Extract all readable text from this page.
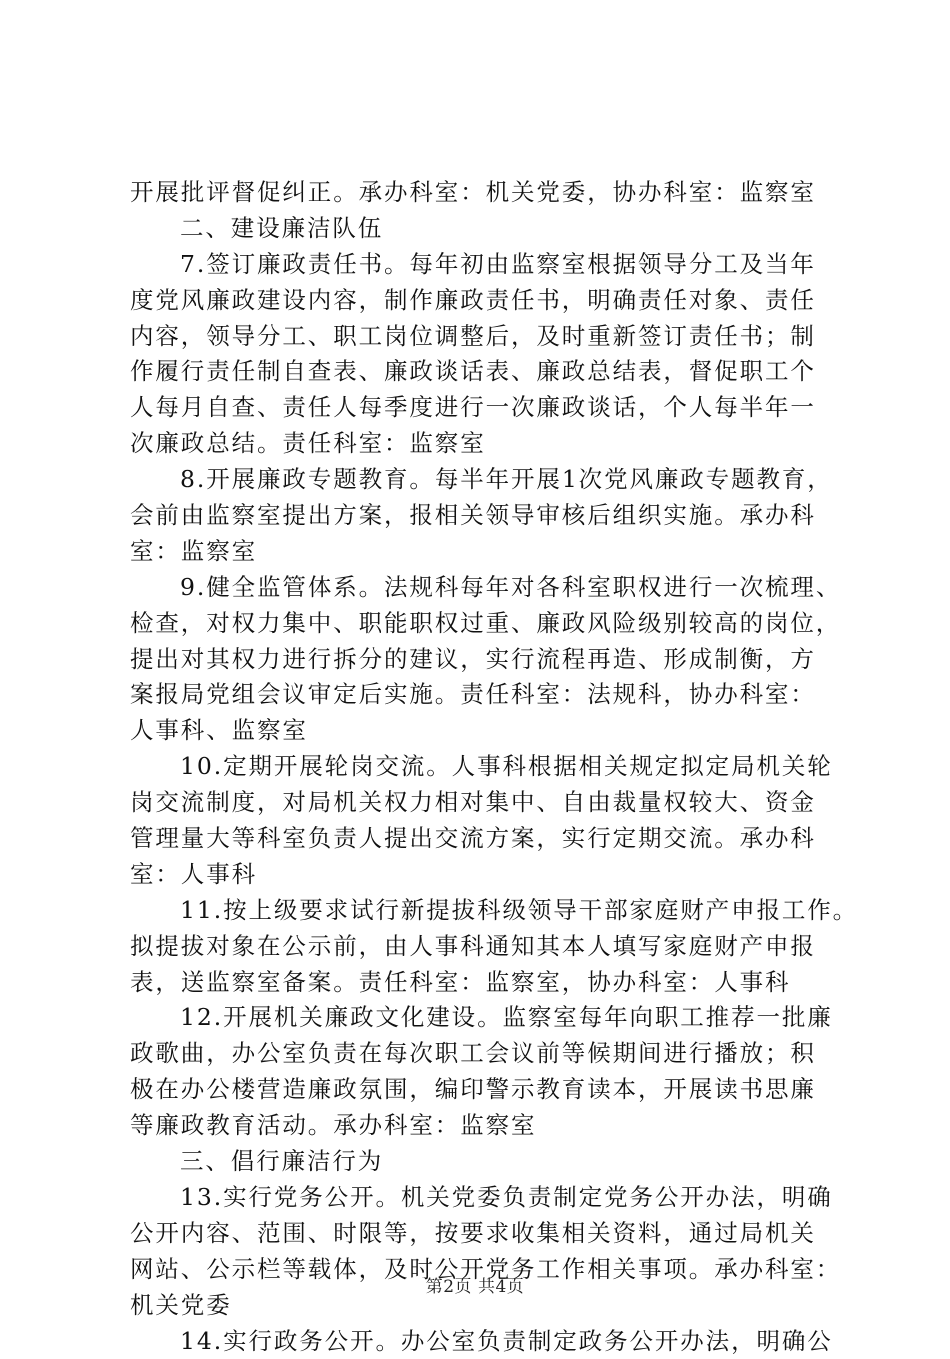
开展批评督促纠正。承办科室：机关党委，协办科室：监察室
二、建设廉洁队伍
7.签订廉政责任书。每年初由监察室根据领导分工及当年
度党风廉政建设内容，制作廉政责任书，明确责任对象、责任
内容，领导分工、职工岗位调整后，及时重新签订责任书；制
作履行责任制自查表、廉政谈话表、廉政总结表，督促职工个
人每月自查、责任人每季度进行一次廉政谈话，个人每半年一
次廉政总结。责任科室：监察室
8.开展廉政专题教育。每半年开展1次党风廉政专题教育，
会前由监察室提出方案，报相关领导审核后组织实施。承办科
室：监察室
9.健全监管体系。法规科每年对各科室职权进行一次梳理、
检查，对权力集中、职能职权过重、廉政风险级别较高的岗位，
提出对其权力进行拆分的建议，实行流程再造、形成制衡，方
案报局党组会议审定后实施。责任科室：法规科，协办科室：
人事科、监察室
10.定期开展轮岗交流。人事科根据相关规定拟定局机关轮
岗交流制度，对局机关权力相对集中、自由裁量权较大、资金
管理量大等科室负责人提出交流方案，实行定期交流。承办科
室：人事科
11.按上级要求试行新提拔科级领导干部家庭财产申报工作。
拟提拔对象在公示前，由人事科通知其本人填写家庭财产申报
表，送监察室备案。责任科室：监察室，协办科室：人事科
12.开展机关廉政文化建设。监察室每年向职工推荐一批廉
政歌曲，办公室负责在每次职工会议前等候期间进行播放；积
极在办公楼营造廉政氛围，编印警示教育读本，开展读书思廉
等廉政教育活动。承办科室：监察室
三、倡行廉洁行为
13.实行党务公开。机关党委负责制定党务公开办法，明确
公开内容、范围、时限等，按要求收集相关资料，通过局机关
网站、公示栏等载体，及时公开党务工作相关事项。承办科室：
机关党委
14.实行政务公开。办公室负责制定政务公开办法，明确公
第2页 共4页
